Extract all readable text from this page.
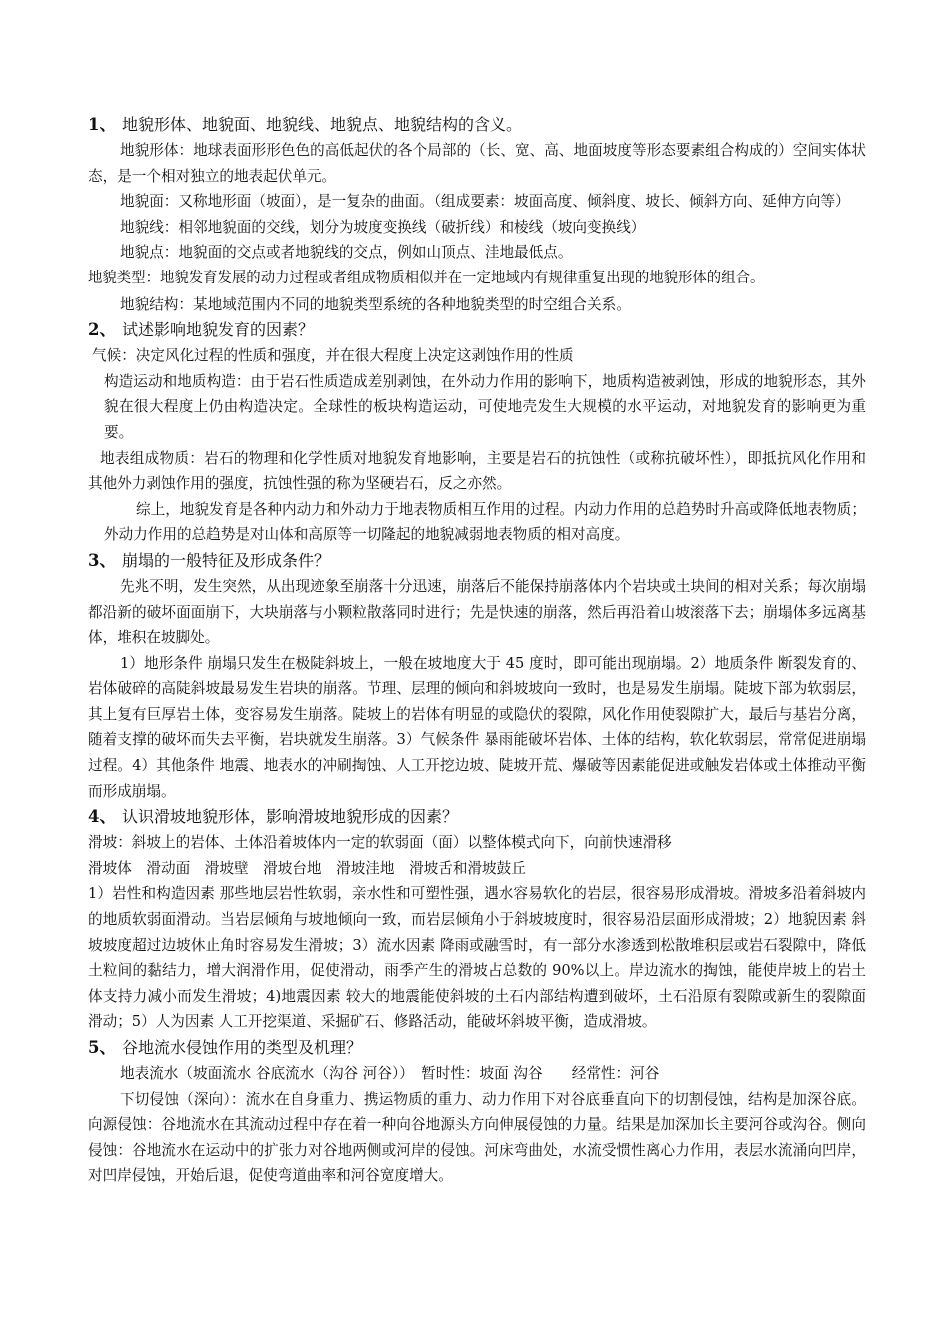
1、 地貌形体、地貌面、地貌线、地貌点、地貌结构的含义。

地貌形体：地球表面形形色色的高低起伏的各个局部的（长、宽、高、地面坡度等形态要素组合构成的）空间实体状态，是一个相对独立的地表起伏单元。

地貌面：又称地形面（坡面），是一复杂的曲面。（组成要素：坡面高度、倾斜度、坡长、倾斜方向、延伸方向等）

地貌线：相邻地貌面的交线，划分为坡度变换线（破折线）和棱线（坡向变换线）

地貌点：地貌面的交点或者地貌线的交点，例如山顶点、洼地最低点。

地貌类型：地貌发育发展的动力过程或者组成物质相似并在一定地域内有规律重复出现的地貌形体的组合。

地貌结构：某地域范围内不同的地貌类型系统的各种地貌类型的时空组合关系。

2、 试述影响地貌发育的因素？

气候：决定风化过程的性质和强度，并在很大程度上决定这剥蚀作用的性质

构造运动和地质构造：由于岩石性质造成差别剥蚀，在外动力作用的影响下，地质构造被剥蚀，形成的地貌形态，其外貌在很大程度上仍由构造决定。全球性的板块构造运动，可使地壳发生大规模的水平运动，对地貌发育的影响更为重要。

地表组成物质：岩石的物理和化学性质对地貌发育地影响，主要是岩石的抗蚀性（或称抗破坏性），即抵抗风化作用和其他外力剥蚀作用的强度，抗蚀性强的称为坚硬岩石，反之亦然。

综上，地貌发育是各种内动力和外动力于地表物质相互作用的过程。内动力作用的总趋势时升高或降低地表物质；外动力作用的总趋势是对山体和高原等一切隆起的地貌减弱地表物质的相对高度。

3、 崩塌的一般特征及形成条件？

先兆不明，发生突然，从出现迹象至崩落十分迅速，崩落后不能保持崩落体内个岩块或土块间的相对关系；每次崩塌都沿新的破坏面面崩下，大块崩落与小颗粒散落同时进行；先是快速的崩落，然后再沿着山坡滚落下去；崩塌体多远离基体，堆积在坡脚处。

1）地形条件 崩塌只发生在极陡斜坡上，一般在坡地度大于 45 度时，即可能出现崩塌。2）地质条件 断裂发育的、岩体破碎的高陡斜坡最易发生岩块的崩落。节理、层理的倾向和斜坡坡向一致时，也是易发生崩塌。陡坡下部为软弱层，其上复有巨厚岩土体，变容易发生崩落。陡坡上的岩体有明显的或隐伏的裂隙，风化作用使裂隙扩大，最后与基岩分离，随着支撑的破坏而失去平衡，岩块就发生崩落。3）气候条件 暴雨能破坏岩体、土体的结构，软化软弱层，常常促进崩塌过程。4）其他条件 地震、地表水的冲刷掏蚀、人工开挖边坡、陡坡开荒、爆破等因素能促进或触发岩体或土体推动平衡而形成崩塌。

4、 认识滑坡地貌形体，影响滑坡地貌形成的因素？

滑坡：斜坡上的岩体、土体沿着坡体内一定的软弱面（面）以整体模式向下，向前快速滑移

滑坡体　滑动面　滑坡壁　滑坡台地　滑坡洼地　滑坡舌和滑坡鼓丘

1）岩性和构造因素 那些地层岩性软弱，亲水性和可塑性强，遇水容易软化的岩层，很容易形成滑坡。滑坡多沿着斜坡内的地质软弱面滑动。当岩层倾角与坡地倾向一致，而岩层倾角小于斜坡坡度时，很容易沿层面形成滑坡；2）地貌因素 斜坡坡度超过边坡休止角时容易发生滑坡；3）流水因素 降雨或融雪时，有一部分水渗透到松散堆积层或岩石裂隙中，降低土粒间的黏结力，增大润滑作用，促使滑动，雨季产生的滑坡占总数的 90%以上。岸边流水的掏蚀，能使岸坡上的岩土体支持力减小而发生滑坡；4)地震因素 较大的地震能使斜坡的土石内部结构遭到破坏，土石沿原有裂隙或新生的裂隙面滑动；5）人为因素 人工开挖渠道、采掘矿石、修路活动，能破坏斜坡平衡，造成滑坡。

5、 谷地流水侵蚀作用的类型及机理？

地表流水（坡面流水 谷底流水（沟谷 河谷））　暂时性：坡面 沟谷　　经常性：河谷

下切侵蚀（深向）：流水在自身重力、携运物质的重力、动力作用下对谷底垂直向下的切割侵蚀，结构是加深谷底。向源侵蚀：谷地流水在其流动过程中存在着一种向谷地源头方向伸展侵蚀的力量。结果是加深加长主要河谷或沟谷。侧向侵蚀：谷地流水在运动中的扩张力对谷地两侧或河岸的侵蚀。河床弯曲处，水流受惯性离心力作用，表层水流涌向凹岸，对凹岸侵蚀，开始后退，促使弯道曲率和河谷宽度增大。
